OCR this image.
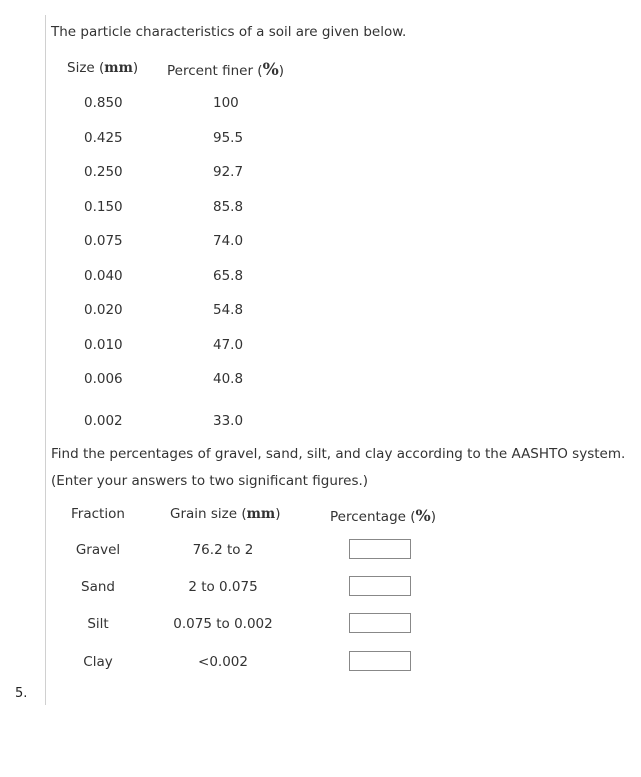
5.
The particle characteristics of a soil are given below.
Size (mm) Percent finer (%)
0.850	100
0.425	95.5
0.250	92.7
0.150	85.8
0.075	74.0
0.040	65.8
0.020	54.8
0.010	47.0
0.006	40.8
0.002	33.0
Find the percentages of gravel, sand, silt, and clay according to the AASHTO system.
(Enter your answers to two significant figures.)
Fraction	Grain size (mm)	Percentage (%)
Gravel	76.2 to 2
Sand	2 to 0.075
Silt	0.075 to 0.002
Clay	<0.002
